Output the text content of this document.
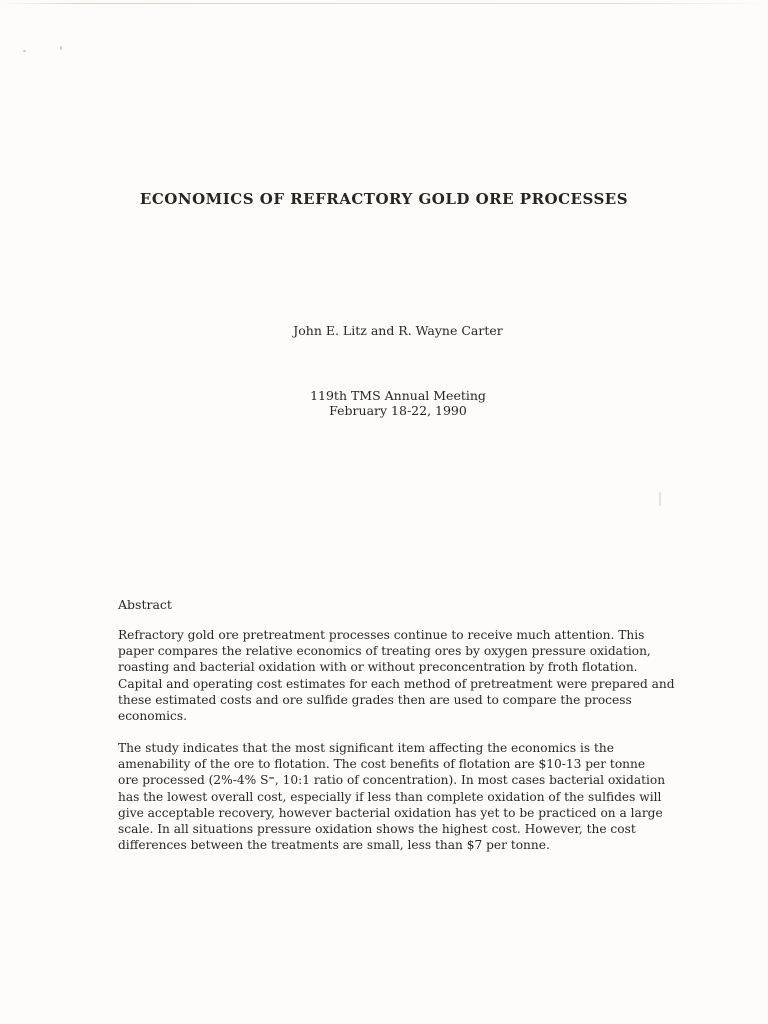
ECONOMICS OF REFRACTORY GOLD ORE PROCESSES
John E. Litz and R. Wayne Carter
119th TMS Annual Meeting
February 18-22, 1990
Abstract
Refractory gold ore pretreatment processes continue to receive much attention. This
paper compares the relative economics of treating ores by oxygen pressure oxidation,
roasting and bacterial oxidation with or without preconcentration by froth flotation.
Capital and operating cost estimates for each method of pretreatment were prepared and
these estimated costs and ore sulfide grades then are used to compare the process
economics.
The study indicates that the most significant item affecting the economics is the
amenability of the ore to flotation. The cost benefits of flotation are $10-13 per tonne
ore processed (2%-4% S⁼, 10:1 ratio of concentration). In most cases bacterial oxidation
has the lowest overall cost, especially if less than complete oxidation of the sulfides will
give acceptable recovery, however bacterial oxidation has yet to be practiced on a large
scale. In all situations pressure oxidation shows the highest cost. However, the cost
differences between the treatments are small, less than $7 per tonne.
